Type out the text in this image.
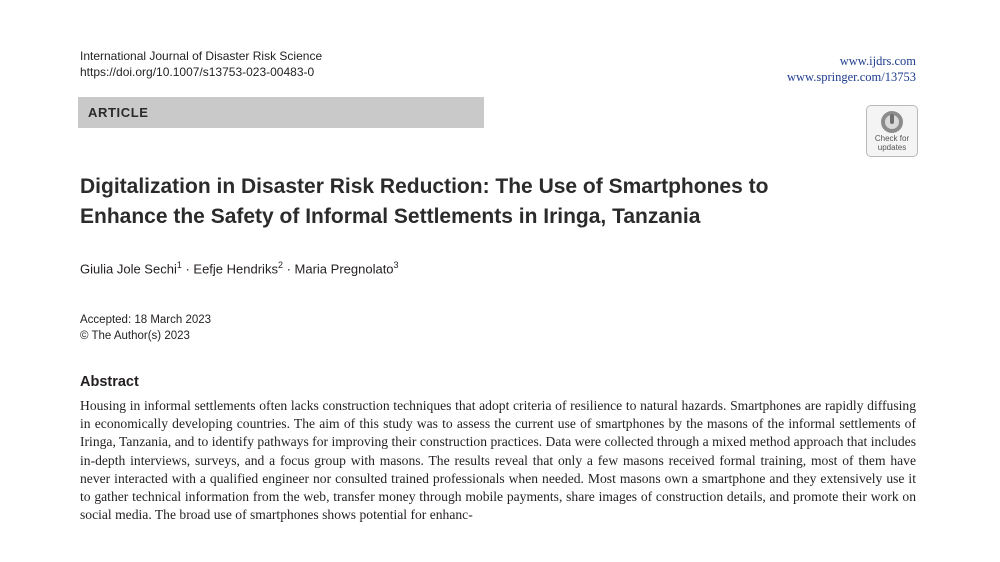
International Journal of Disaster Risk Science
https://doi.org/10.1007/s13753-023-00483-0
www.ijdrs.com
www.springer.com/13753
ARTICLE
Check for
updates
Digitalization in Disaster Risk Reduction: The Use of Smartphones to Enhance the Safety of Informal Settlements in Iringa, Tanzania
Giulia Jole Sechi$^1$ · Eefje Hendriks$^2$ · Maria Pregnolato$^3$
Accepted: 18 March 2023
© The Author(s) 2023
Abstract

Housing in informal settlements often lacks construction techniques that adopt criteria of resilience to natural hazards. Smartphones are rapidly diffusing in economically developing countries. The aim of this study was to assess the current use of smartphones by the masons of the informal settlements of Iringa, Tanzania, and to identify pathways for improving their construction practices. Data were collected through a mixed method approach that includes in-depth interviews, surveys, and a focus group with masons. The results reveal that only a few masons received formal training, most of them have never interacted with a qualified engineer nor consulted trained professionals when needed. Most masons own a smartphone and they extensively use it to gather technical information from the web, transfer money through mobile payments, share images of construction details, and promote their work on social media. The broad use of smartphones shows potential for enhanc-
